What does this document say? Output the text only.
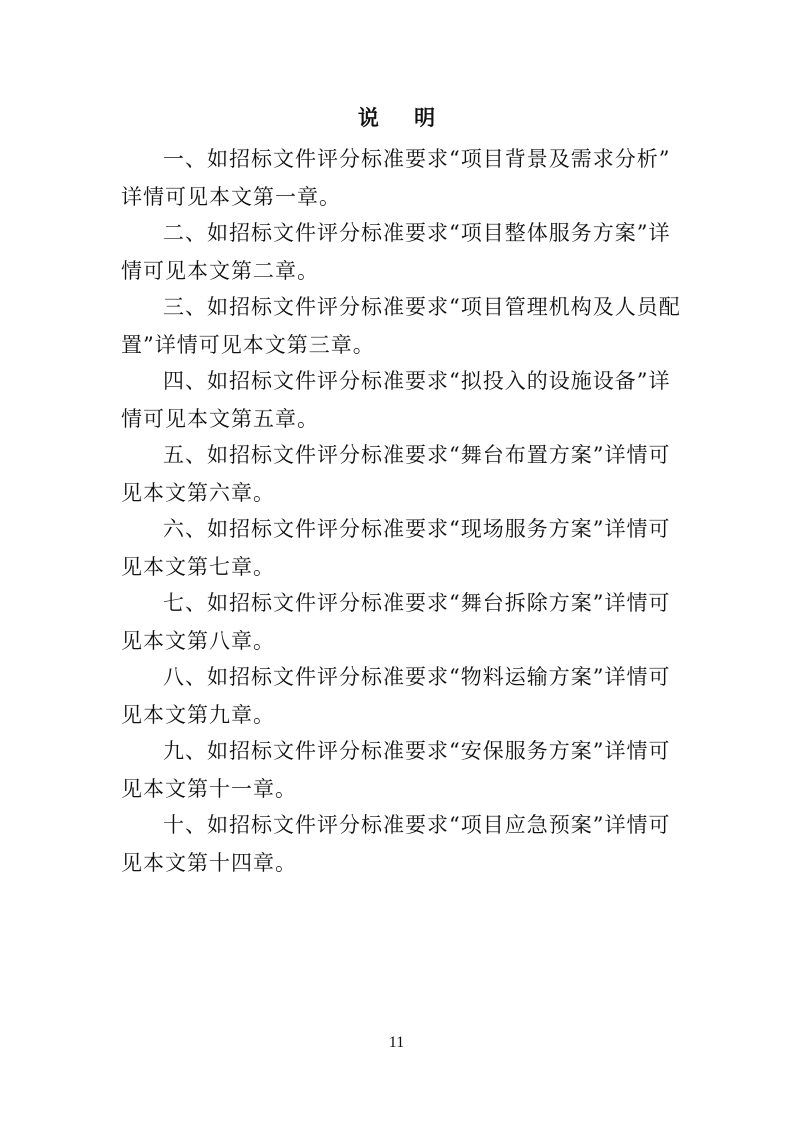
说 明

一、如招标文件评分标准要求“项目背景及需求分析”
详情可见本文第一章。

二、如招标文件评分标准要求“项目整体服务方案”详
情可见本文第二章。

三、如招标文件评分标准要求“项目管理机构及人员配
置”详情可见本文第三章。

四、如招标文件评分标准要求“拟投入的设施设备”详
情可见本文第五章。

五、如招标文件评分标准要求“舞台布置方案”详情可
见本文第六章。

六、如招标文件评分标准要求“现场服务方案”详情可
见本文第七章。

七、如招标文件评分标准要求“舞台拆除方案”详情可
见本文第八章。

八、如招标文件评分标准要求“物料运输方案”详情可
见本文第九章。

九、如招标文件评分标准要求“安保服务方案”详情可
见本文第十一章。

十、如招标文件评分标准要求“项目应急预案”详情可
见本文第十四章。

11
